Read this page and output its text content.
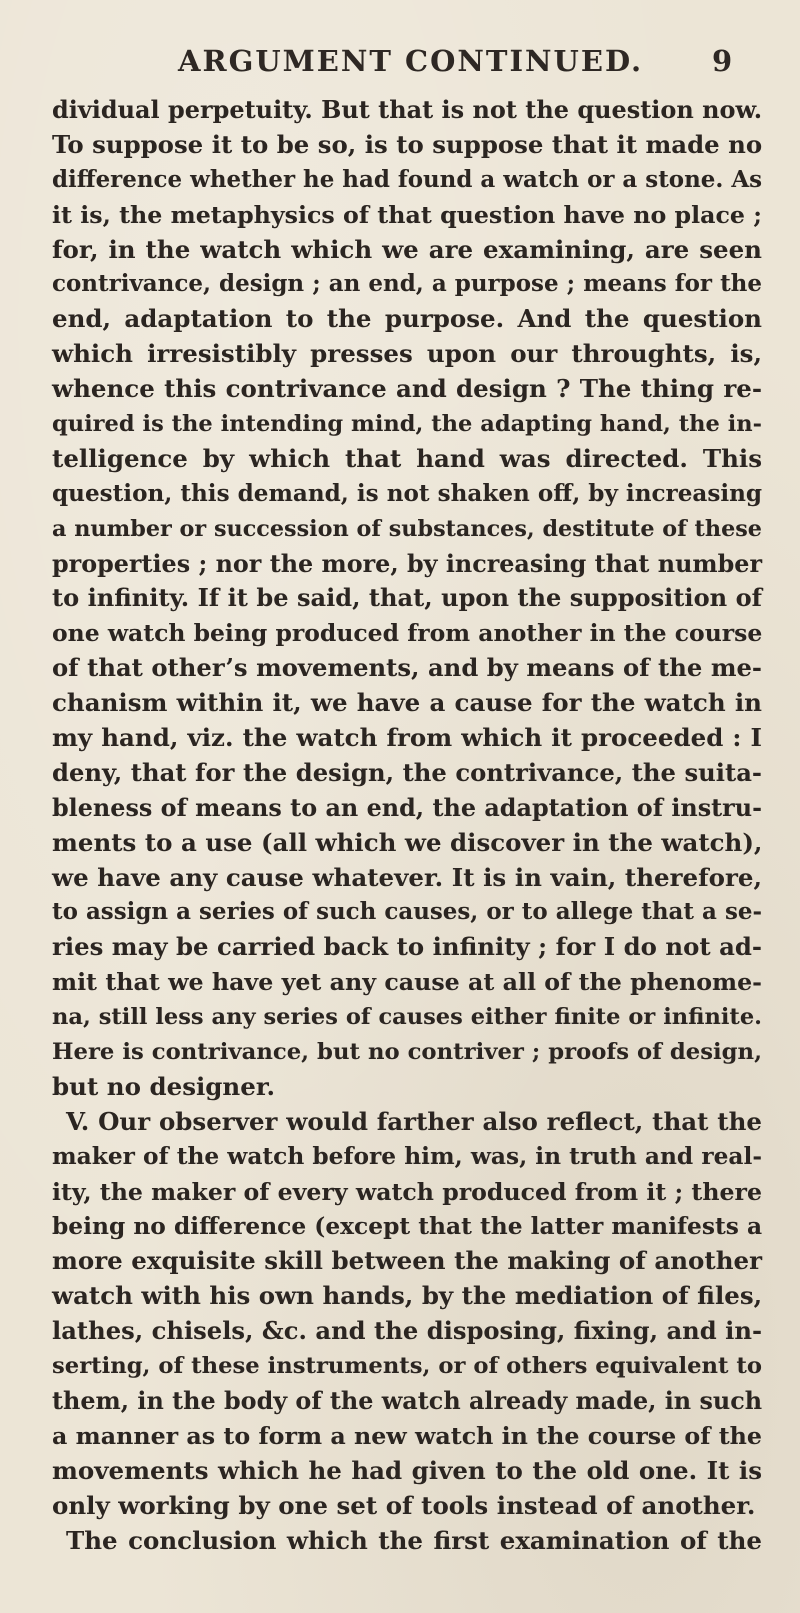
ARGUMENT CONTINUED. 9
dividual perpetuity. But that is not the question now.
To suppose it to be so, is to suppose that it made no
difference whether he had found a watch or a stone. As
it is, the metaphysics of that question have no place ;
for, in the watch which we are examining, are seen
contrivance, design ; an end, a purpose ; means for the
end, adaptation to the purpose. And the question
which irresistibly presses upon our throughts, is,
whence this contrivance and design ? The thing re-
quired is the intending mind, the adapting hand, the in-
telligence by which that hand was directed. This
question, this demand, is not shaken off, by increasing
a number or succession of substances, destitute of these
properties ; nor the more, by increasing that number
to infinity. If it be said, that, upon the supposition of
one watch being produced from another in the course
of that other’s movements, and by means of the me-
chanism within it, we have a cause for the watch in
my hand, viz. the watch from which it proceeded : I
deny, that for the design, the contrivance, the suita-
bleness of means to an end, the adaptation of instru-
ments to a use (all which we discover in the watch),
we have any cause whatever. It is in vain, therefore,
to assign a series of such causes, or to allege that a se-
ries may be carried back to infinity ; for I do not ad-
mit that we have yet any cause at all of the phenome-
na, still less any series of causes either finite or infinite.
Here is contrivance, but no contriver ; proofs of design,
but no designer.
V. Our observer would farther also reflect, that the
maker of the watch before him, was, in truth and real-
ity, the maker of every watch produced from it ; there
being no difference (except that the latter manifests a
more exquisite skill between the making of another
watch with his own hands, by the mediation of files,
lathes, chisels, &c. and the disposing, fixing, and in-
serting, of these instruments, or of others equivalent to
them, in the body of the watch already made, in such
a manner as to form a new watch in the course of the
movements which he had given to the old one. It is
only working by one set of tools instead of another.
The conclusion which the first examination of the
